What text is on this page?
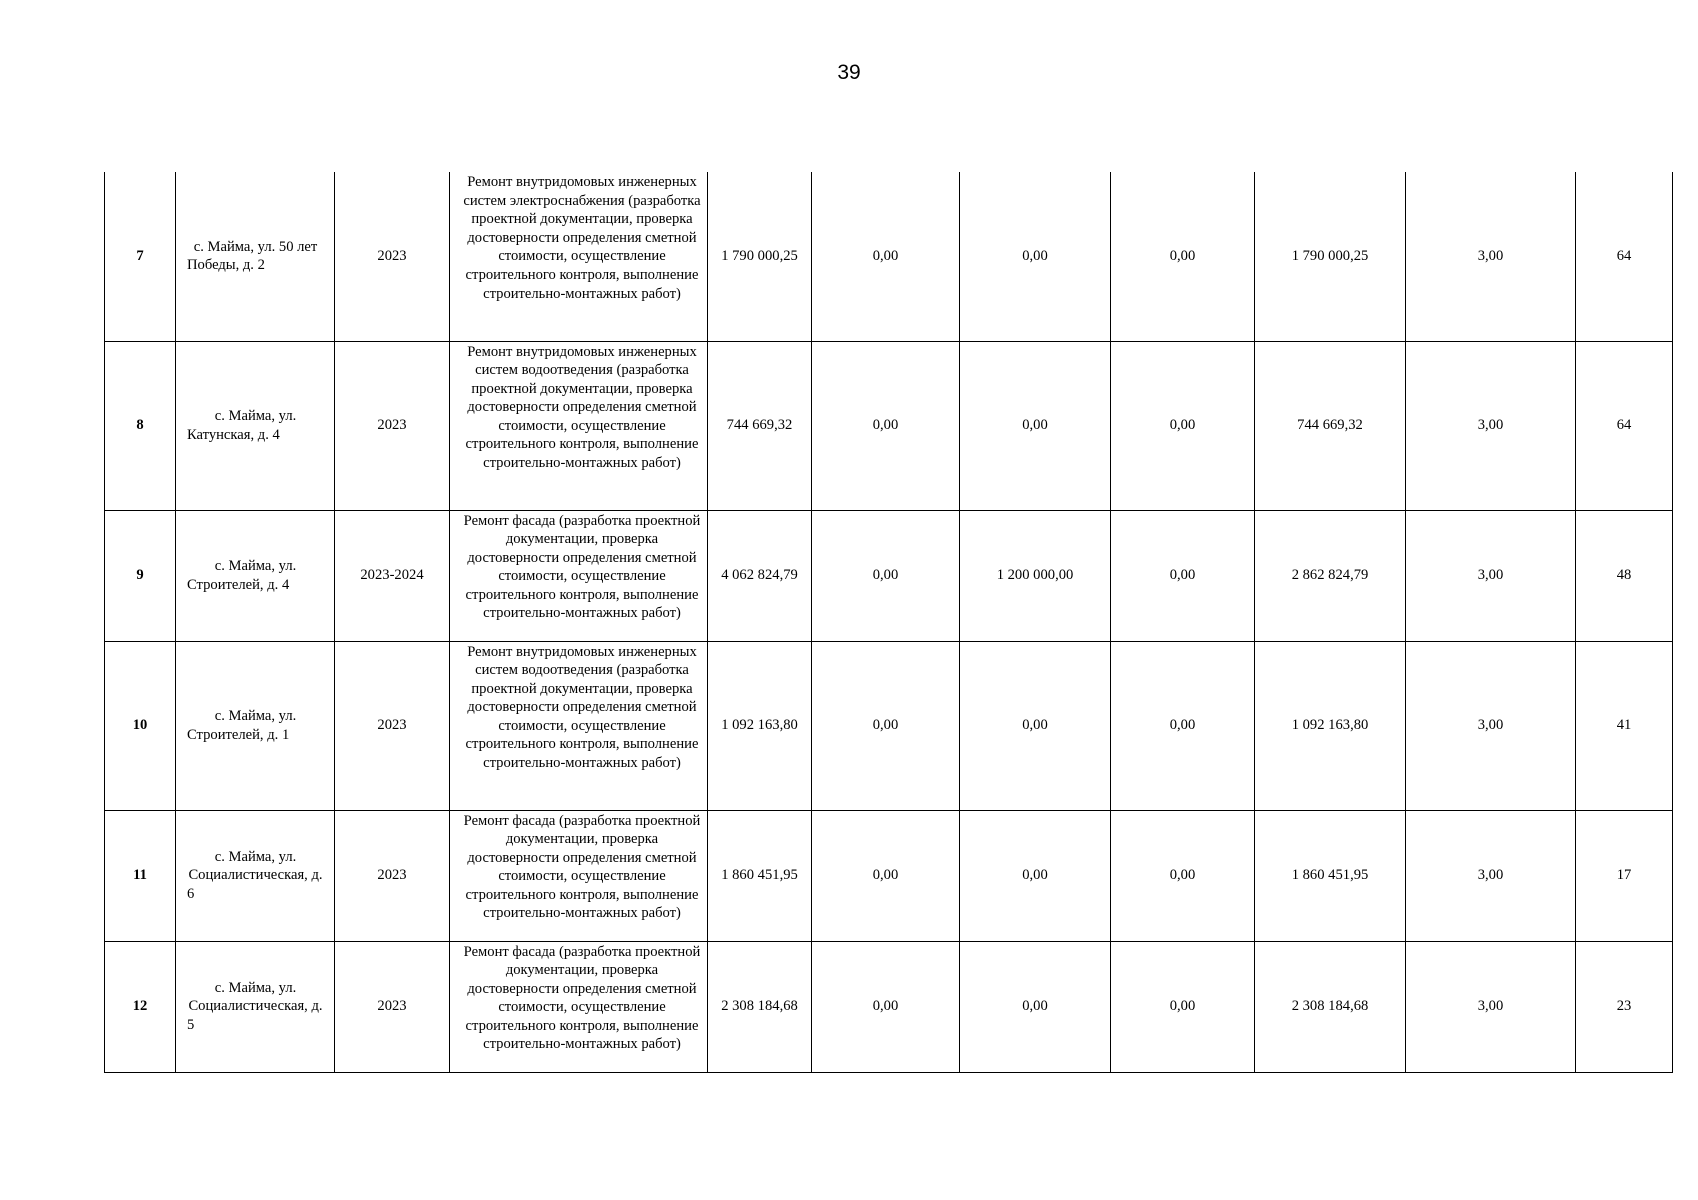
39
7	с. Майма, ул. 50 лет Победы, д. 2	2023	Ремонт внутридомовых инженерных систем электроснабжения (разработка проектной документации, проверка достоверности определения сметной стоимости, осуществление строительного контроля, выполнение строительно-монтажных работ)	1 790 000,25	0,00	0,00	0,00	1 790 000,25	3,00	64
8	с. Майма, ул. Катунская, д. 4	2023	Ремонт внутридомовых инженерных систем водоотведения (разработка проектной документации, проверка достоверности определения сметной стоимости, осуществление строительного контроля, выполнение строительно-монтажных работ)	744 669,32	0,00	0,00	0,00	744 669,32	3,00	64
9	с. Майма, ул. Строителей, д. 4	2023-2024	Ремонт фасада (разработка проектной документации, проверка достоверности определения сметной стоимости, осуществление строительного контроля, выполнение строительно-монтажных работ)	4 062 824,79	0,00	1 200 000,00	0,00	2 862 824,79	3,00	48
10	с. Майма, ул. Строителей, д. 1	2023	Ремонт внутридомовых инженерных систем водоотведения (разработка проектной документации, проверка достоверности определения сметной стоимости, осуществление строительного контроля, выполнение строительно-монтажных работ)	1 092 163,80	0,00	0,00	0,00	1 092 163,80	3,00	41
11	с. Майма, ул. Социалистическая, д. 6	2023	Ремонт фасада (разработка проектной документации, проверка достоверности определения сметной стоимости, осуществление строительного контроля, выполнение строительно-монтажных работ)	1 860 451,95	0,00	0,00	0,00	1 860 451,95	3,00	17
12	с. Майма, ул. Социалистическая, д. 5	2023	Ремонт фасада (разработка проектной документации, проверка достоверности определения сметной стоимости, осуществление строительного контроля, выполнение строительно-монтажных работ)	2 308 184,68	0,00	0,00	0,00	2 308 184,68	3,00	23
